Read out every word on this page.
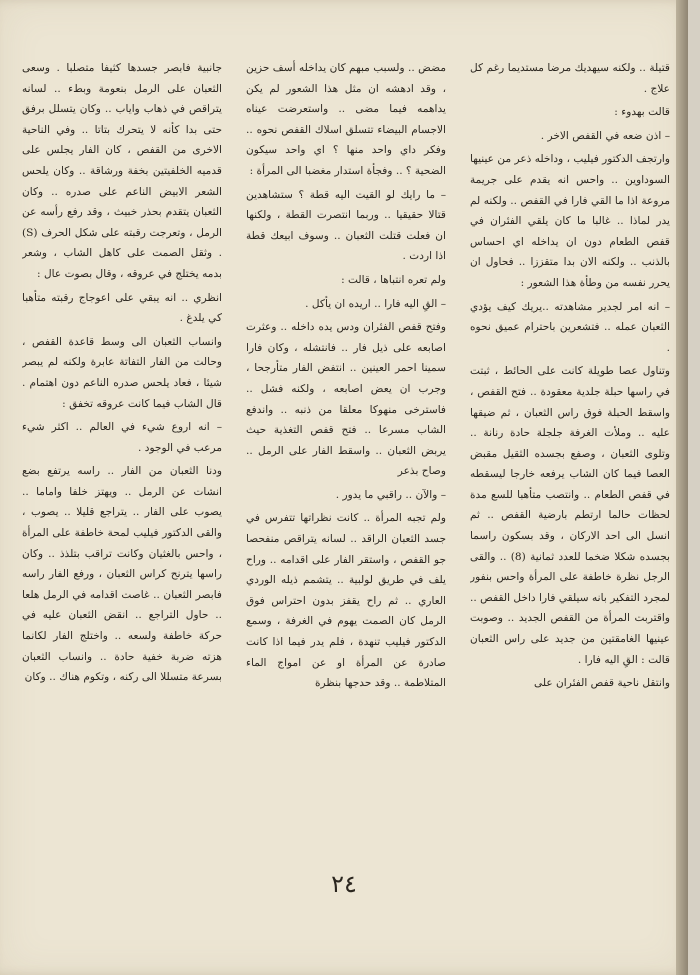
قتيلة .. ولكنه سيهديك مرضا مستديما رغم كل علاج .

قالت بهدوء :

– اذن ضعه في القفص الاخر .

وارتجف الدكتور فيليب ، وداخله ذعر من عينيها السوداوين .. واحس انه يقدم على جريمة مروعة اذا ما القي فارا في القفص .. ولكنه لم يدر لماذا .. غالبا ما كان يلقي الفئران في قفص الطعام دون ان يداخله اي احساس بالذنب .. ولكنه الان بدا متقززا .. فحاول ان يحرر نفسه من وطأة هذا الشعور :

– انه امر لجدير مشاهدته ..يريك كيف يؤدي الثعبان عمله .. فتشعرين باحترام عميق نحوه .

وتناول عصا طويلة كانت على الحائط ، ثبتت في راسها حبلة جلدية معقودة .. فتح القفص ، واسقط الحبلة فوق راس الثعبان ، ثم ضيقها عليه .. وملأت الغرفة جلجلة حادة رنانة .. وتلوى الثعبان ، وصفع بجسده الثقيل مقبض العصا فيما كان الشاب يرفعه خارجا ليسقطه في قفص الطعام .. وانتصب متأهبا للسع مدة لحظات حالما ارتطم بارضية القفص .. ثم انسل الى احد الاركان ، وقد بسكون راسما بجسده شكلا ضخما للعدد ثمانية (8) .. والقى الرجل نظرة خاطفة على المرأة واحس بنفور لمجرد التفكير بانه سيلقي فارا داخل القفص .. واقتربت المرأة من القفص الجديد .. وصوبت عينيها الغامقتين من جديد على راس الثعبان قالت : القِ اليه فارا .

وانتقل ناحية قفص الفئران على

مضض .. ولسبب مبهم كان يداخله أسف حزين ، وقد ادهشه ان مثل هذا الشعور لم يكن يداهمه فيما مضى .. واستعرضت عيناه الاجسام البيضاء تتسلق اسلاك القفص نحوه .. وفكر داي واحد منها ؟ اي واحد سيكون الضحية ؟ .. وفجأة استدار مغضبا الى المرأة :

– ما رايك لو القيت اليه قطة ؟ ستشاهدين قتالا حقيقيا .. وربما انتصرت القطة ، ولكنها ان فعلت قتلت الثعبان .. وسوف ابيعك قطة اذا اردت .

ولم تعره انتباها ، قالت :

– القِ اليه فارا .. اريده ان يأكل .

وفتح قفص الفئران ودس يده داخله .. وعثرت اصابعه على ذيل فار .. فانتشله ، وكان فارا سمينا احمر العينين .. انتفض الفار متأرجحا ، وجرب ان يعض اصابعه ، ولكنه فشل .. فاسترخى منهوكا معلقا من ذنبه .. واندفع الشاب مسرعا .. فتح قفص التغذية حيث يربض الثعبان .. واسقط الفار على الرمل .. وصاح بذعر

– والآن .. راقبي ما يدور .

ولم تجبه المرأة .. كانت نظراتها تتفرس في جسد الثعبان الراقد .. لسانه يتراقص منفحصا جو القفص ، واستقر الفار على اقدامه .. وراح يلف في طريق لولبية .. يتشمم ذيله الوردي العاري .. ثم راح يقفز بدون احتراس فوق الرمل كان الصمت يهوم في الغرفة ، وسمع الدكتور فيليب تنهدة ، فلم يدر فيما اذا كانت صادرة عن المرأة او عن امواج الماء المتلاطمة .. وقد حدجها بنظرة

جانبية فابصر جسدها كثيفا متصلبا . وسعى الثعبان على الرمل بنعومة وبطء .. لسانه يتراقص في ذهاب واياب .. وكان يتسلل برفق حتى بدا كأنه لا يتحرك بتاتا .. وفي الناحية الاخرى من القفص ، كان الفار يجلس على قدميه الخلفيتين بخفة ورشاقة .. وكان يلحس الشعر الابيض الناعم على صدره .. وكان الثعبان يتقدم بحذر خبيث ، وقد رفع رأسه عن الرمل ، وتعرجت رقبته على شكل الحرف (S) . وثقل الصمت على كاهل الشاب ، وشعر بدمه يختلج في عروقه ، وقال بصوت عال :

انظري .. انه يبقي على اعوجاج رقبته متأهبا كي يلدغ .

وانساب الثعبان الى وسط قاعدة القفص ، وحالت من الفار التفاتة عابرة ولكنه لم يبصر شيئا ، فعاد يلحس صدره الناعم دون اهتمام . قال الشاب فيما كانت عروقه تخفق :

– انه اروع شيء في العالم .. اكثر شيء مرعب في الوجود .

ودنا الثعبان من الفار .. راسه يرتفع بضع انشات عن الرمل .. ويهتز خلفا واماما .. يصوب على الفار .. يتراجع قليلا .. يصوب ، والقى الدكتور فيليب لمحة خاطفة على المرأة ، واحس بالغثيان وكانت تراقب بتلذذ .. وكان راسها يترنح كراس الثعبان ، ورفع الفار راسه فابصر الثعبان .. غاصت اقدامه في الرمل هلعا .. حاول التراجع .. انقض الثعبان عليه في حركة خاطفة ولسعه .. واختلج الفار لكانما هزته ضربة خفية حادة .. وانساب الثعبان بسرعة متسللا الى ركنه ، وتكوم هناك .. وكان

٢٤
